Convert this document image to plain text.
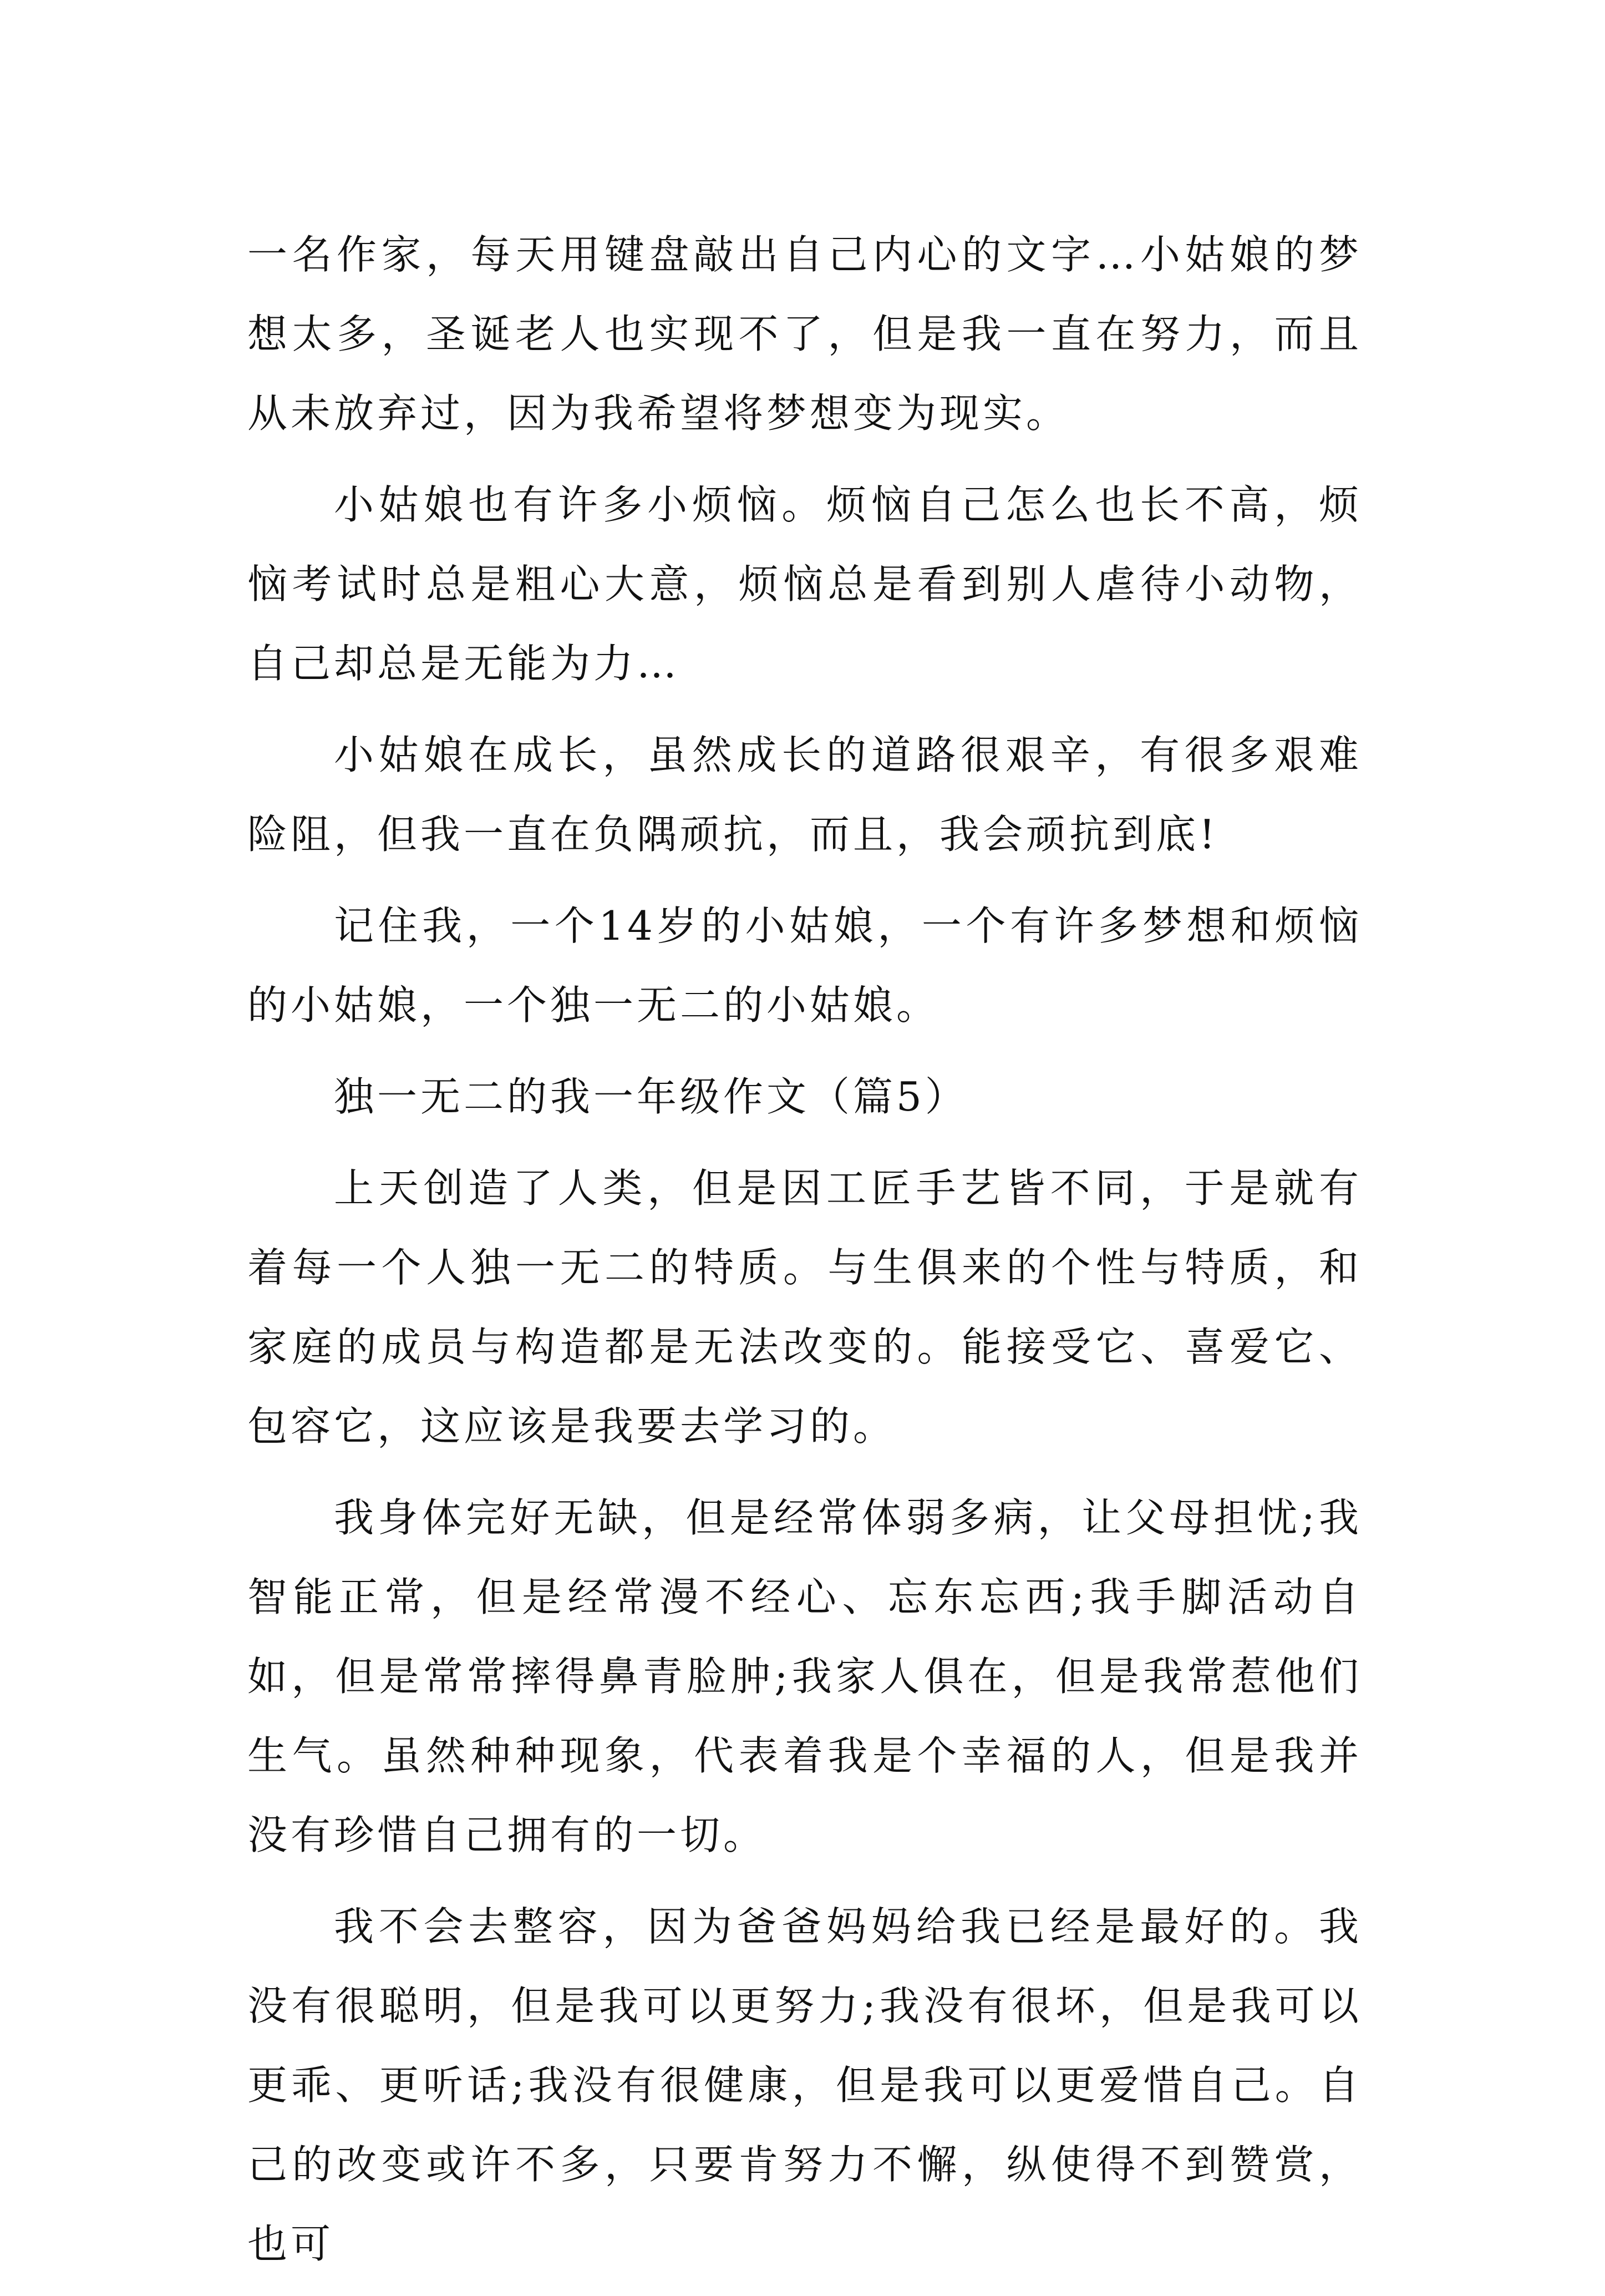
一名作家，每天用键盘敲出自己内心的文字…小姑娘的梦想太多，圣诞老人也实现不了，但是我一直在努力，而且从未放弃过，因为我希望将梦想变为现实。

小姑娘也有许多小烦恼。烦恼自己怎么也长不高，烦恼考试时总是粗心大意，烦恼总是看到别人虐待小动物，自己却总是无能为力…

小姑娘在成长，虽然成长的道路很艰辛，有很多艰难险阻，但我一直在负隅顽抗，而且，我会顽抗到底!

记住我，一个14岁的小姑娘，一个有许多梦想和烦恼的小姑娘，一个独一无二的小姑娘。

独一无二的我一年级作文（篇5）

上天创造了人类，但是因工匠手艺皆不同，于是就有着每一个人独一无二的特质。与生俱来的个性与特质，和家庭的成员与构造都是无法改变的。能接受它、喜爱它、包容它，这应该是我要去学习的。

我身体完好无缺，但是经常体弱多病，让父母担忧;我智能正常，但是经常漫不经心、忘东忘西;我手脚活动自如，但是常常摔得鼻青脸肿;我家人俱在，但是我常惹他们生气。虽然种种现象，代表着我是个幸福的人，但是我并没有珍惜自己拥有的一切。

我不会去整容，因为爸爸妈妈给我已经是最好的。我没有很聪明，但是我可以更努力;我没有很坏，但是我可以更乖、更听话;我没有很健康，但是我可以更爱惜自己。自己的改变或许不多，只要肯努力不懈，纵使得不到赞赏，也可
